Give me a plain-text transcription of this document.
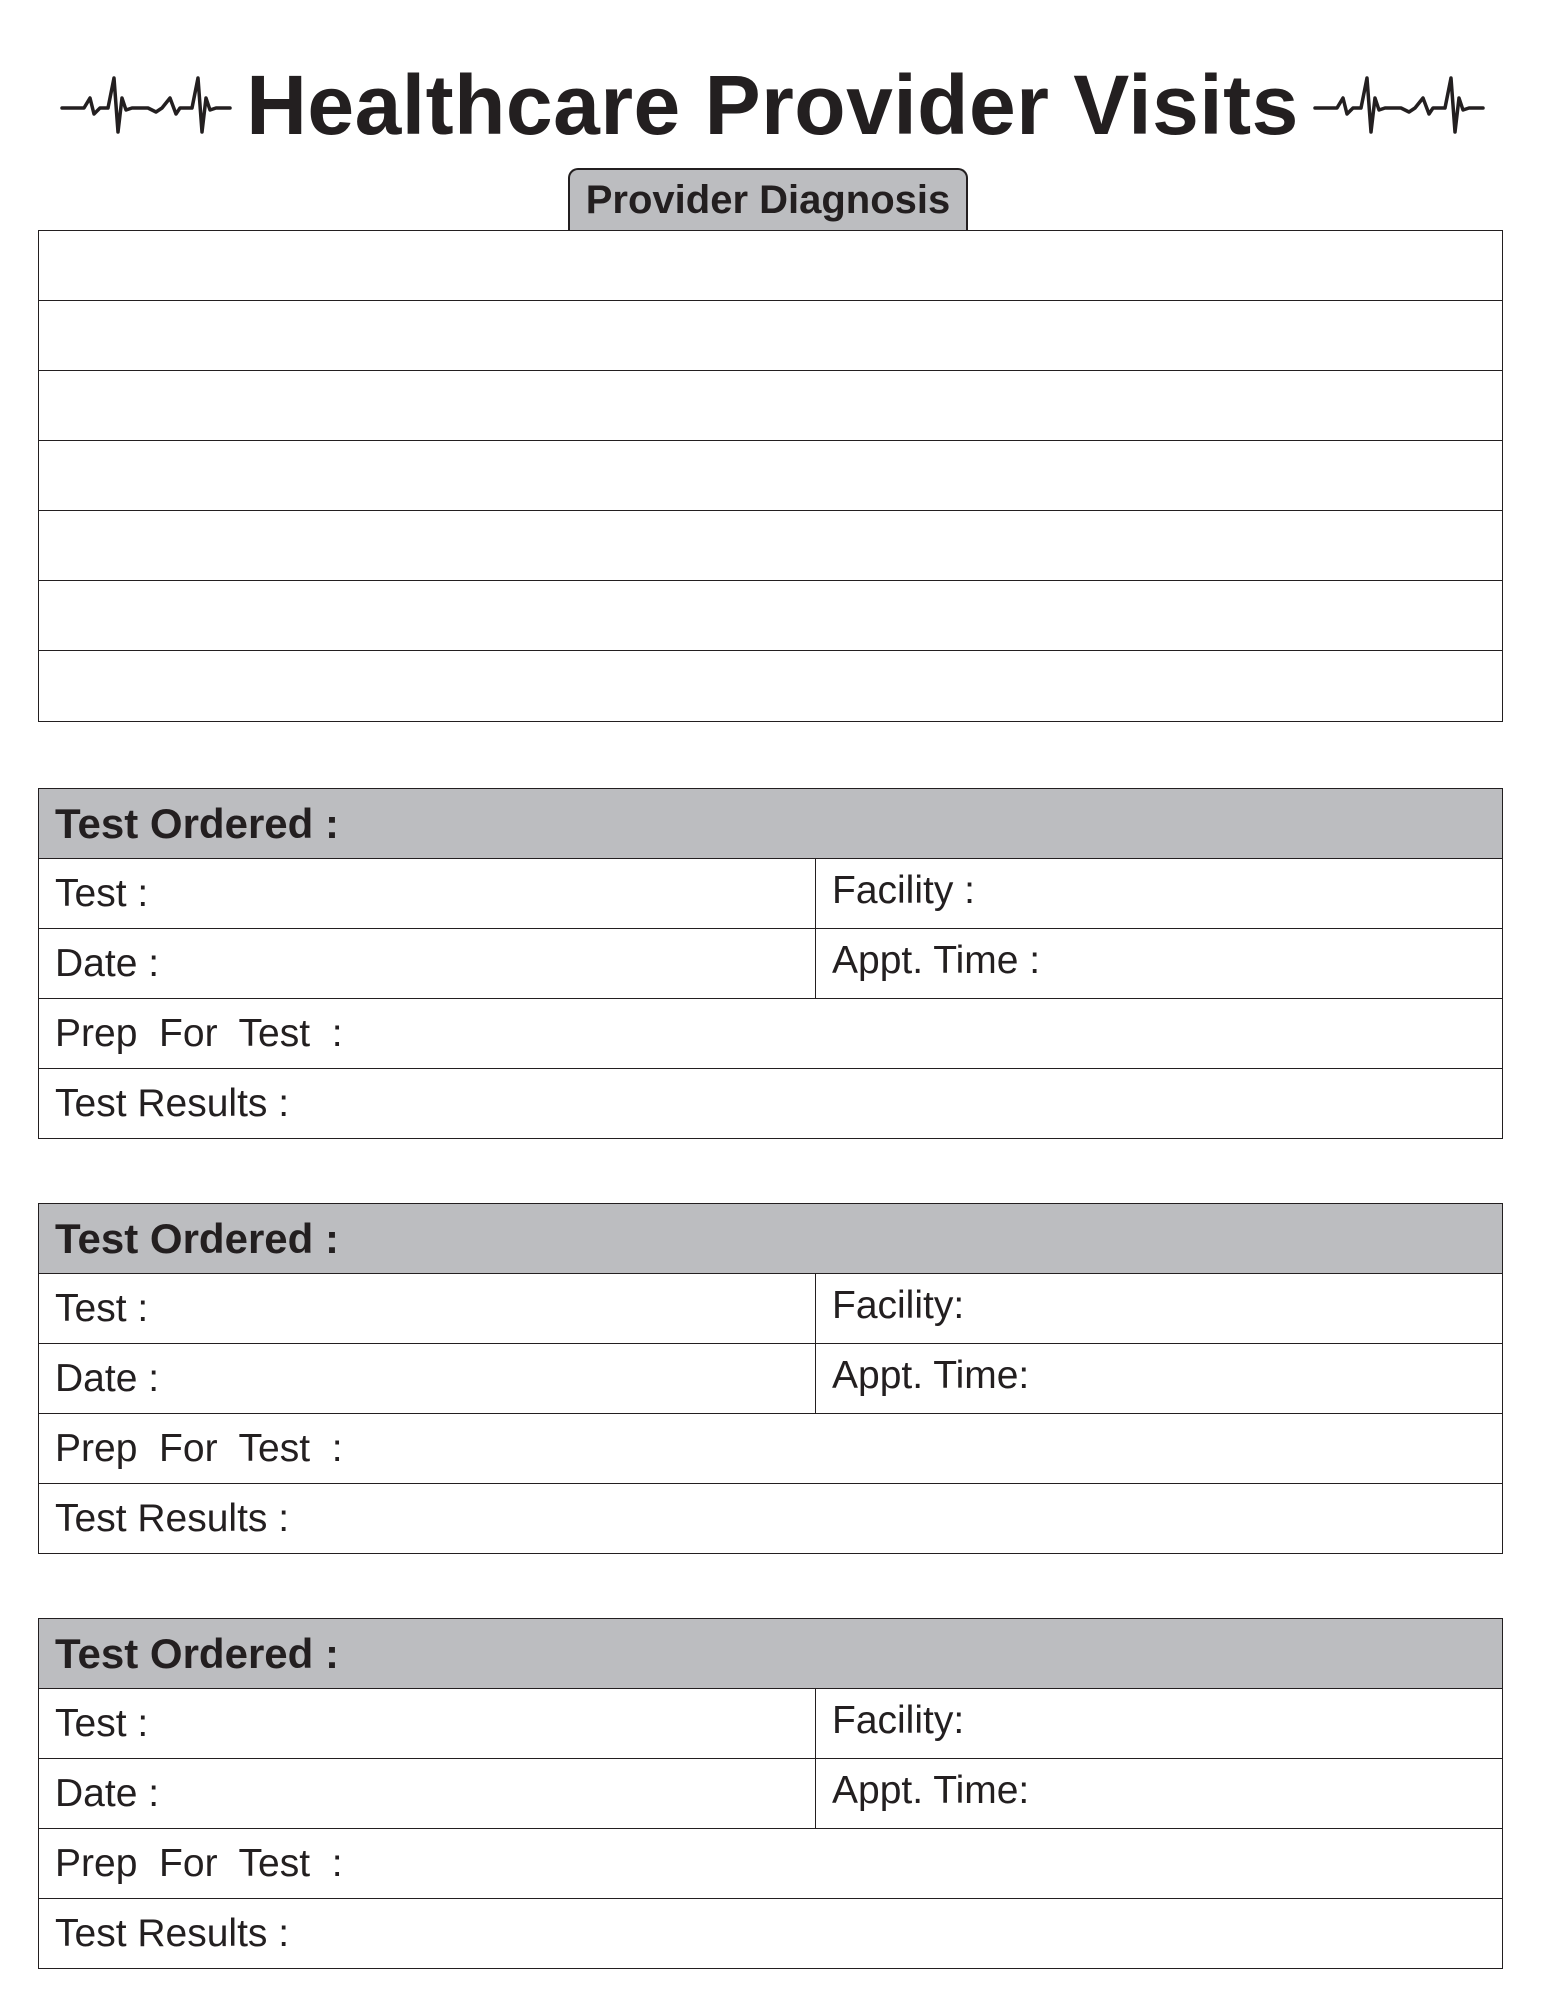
Healthcare Provider Visits
Provider Diagnosis
Test Ordered :
Test :	Facility :
Date :	Appt. Time :
Prep  For  Test  :
Test Results :
Test Ordered :
Test :	Facility:
Date :	Appt. Time:
Prep  For  Test  :
Test Results :
Test Ordered :
Test :	Facility:
Date :	Appt. Time:
Prep  For  Test  :
Test Results :
